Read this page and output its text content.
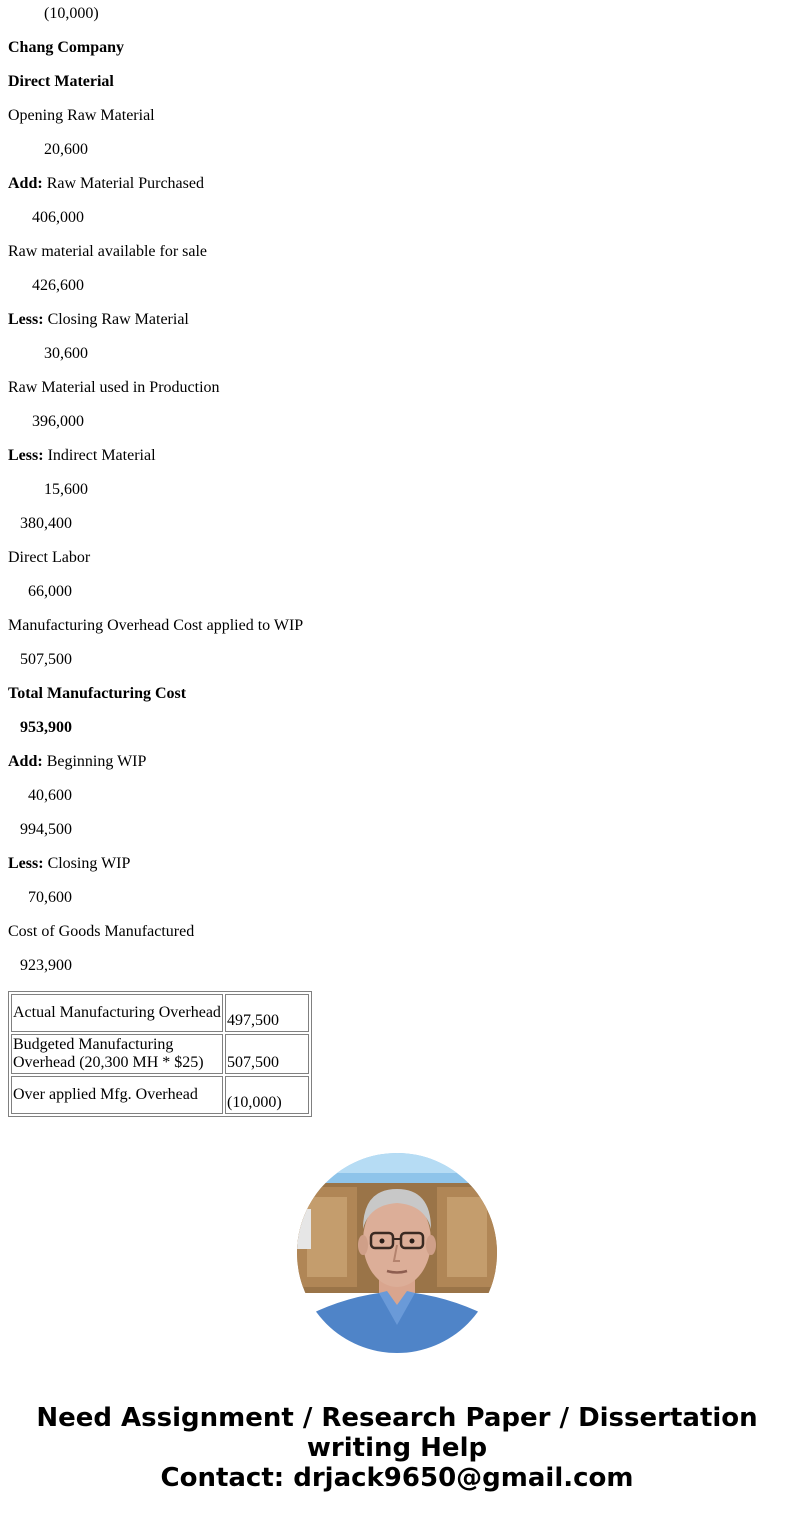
(10,000)
Chang Company
Direct Material
Opening Raw Material
20,600
Add: Raw Material Purchased
406,000
Raw material available for sale
426,600
Less: Closing Raw Material
30,600
Raw Material used in Production
396,000
Less: Indirect Material
15,600
380,400
Direct Labor
66,000
Manufacturing Overhead Cost applied to WIP
507,500
Total Manufacturing Cost
953,900
Add: Beginning WIP
40,600
994,500
Less: Closing WIP
70,600
Cost of Goods Manufactured
923,900
Actual Manufacturing Overhead	497,500
Budgeted Manufacturing Overhead (20,300 MH * $25)	507,500
Over applied Mfg. Overhead	(10,000)
Need Assignment / Research Paper / Dissertation
writing Help
Contact: drjack9650@gmail.com
